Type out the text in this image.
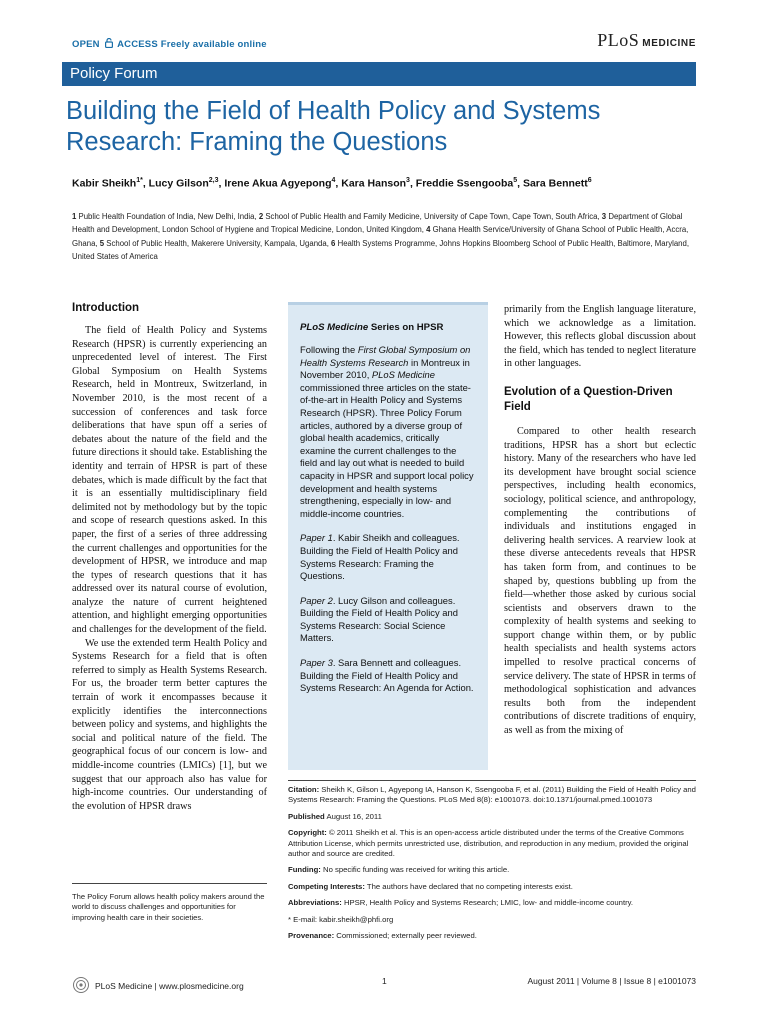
OPEN ACCESS Freely available online	PLoS MEDICINE
Policy Forum
Building the Field of Health Policy and Systems Research: Framing the Questions
Kabir Sheikh$^{1*}$, Lucy Gilson$^{2,3}$, Irene Akua Agyepong$^4$, Kara Hanson$^3$, Freddie Ssengooba$^5$, Sara Bennett$^6$
1 Public Health Foundation of India, New Delhi, India, 2 School of Public Health and Family Medicine, University of Cape Town, Cape Town, South Africa, 3 Department of Global Health and Development, London School of Hygiene and Tropical Medicine, London, United Kingdom, 4 Ghana Health Service/University of Ghana School of Public Health, Accra, Ghana, 5 School of Public Health, Makerere University, Kampala, Uganda, 6 Health Systems Programme, Johns Hopkins Bloomberg School of Public Health, Baltimore, Maryland, United States of America
Introduction

The field of Health Policy and Systems Research (HPSR) is currently experiencing an unprecedented level of interest. The First Global Symposium on Health Systems Research, held in Montreux, Switzerland, in November 2010, is the most recent of a succession of conferences and task force deliberations that have spun off a series of debates about the nature of the field and the future directions it should take. Establishing the identity and terrain of HPSR is part of these debates, which is made difficult by the fact that it is an essentially multidisciplinary field delimited not by methodology but by the topic and scope of research questions asked. In this paper, the first of a series of three addressing the current challenges and opportunities for the development of HPSR, we introduce and map the types of research questions that it has addressed over its natural course of evolution, analyze the nature of current heightened attention, and highlight emerging opportunities and challenges for the development of the field.

We use the extended term Health Policy and Systems Research for a field that is often referred to simply as Health Systems Research. For us, the broader term better captures the terrain of work it encompasses because it explicitly identifies the interconnections between policy and systems, and highlights the social and political nature of the field. The geographical focus of our concern is low- and middle-income countries (LMICs) [1], but we suggest that our approach also has value for high-income countries. Our understanding of the evolution of HPSR draws

The Policy Forum allows health policy makers around the world to discuss challenges and opportunities for improving health care in their societies.
PLoS Medicine Series on HPSR

Following the First Global Symposium on Health Systems Research in Montreux in November 2010, PLoS Medicine commissioned three articles on the state-of-the-art in Health Policy and Systems Research (HPSR). Three Policy Forum articles, authored by a diverse group of global health academics, critically examine the current challenges to the field and lay out what is needed to build capacity in HPSR and support local policy development and health systems strengthening, especially in low- and middle-income countries.

Paper 1. Kabir Sheikh and colleagues. Building the Field of Health Policy and Systems Research: Framing the Questions.

Paper 2. Lucy Gilson and colleagues. Building the Field of Health Policy and Systems Research: Social Science Matters.

Paper 3. Sara Bennett and colleagues. Building the Field of Health Policy and Systems Research: An Agenda for Action.

primarily from the English language literature, which we acknowledge as a limitation. However, this reflects global discussion about the field, which has tended to neglect literature in other languages.

Evolution of a Question-Driven Field

Compared to other health research traditions, HPSR has a short but eclectic history. Many of the researchers who have led its development have brought social science perspectives, including health economics, sociology, political science, and anthropology, complementing the contributions of individuals and institutions engaged in delivering health services. A rearview look at these diverse antecedents reveals that HPSR has taken form from, and continues to be shaped by, questions bubbling up from the field—whether those asked by curious social scientists and observers drawn to the complexity of health systems and seeking to support change within them, or by public health specialists and health systems actors impelled to resolve practical concerns of service delivery. The state of HPSR in terms of methodological sophistication and advances results both from the independent contributions of discrete traditions of enquiry, as well as from the mixing of

Citation: Sheikh K, Gilson L, Agyepong IA, Hanson K, Ssengooba F, et al. (2011) Building the Field of Health Policy and Systems Research: Framing the Questions. PLoS Med 8(8): e1001073. doi:10.1371/journal.pmed.1001073

Published August 16, 2011

Copyright: © 2011 Sheikh et al. This is an open-access article distributed under the terms of the Creative Commons Attribution License, which permits unrestricted use, distribution, and reproduction in any medium, provided the original author and source are credited.

Funding: No specific funding was received for writing this article.

Competing Interests: The authors have declared that no competing interests exist.

Abbreviations: HPSR, Health Policy and Systems Research; LMIC, low- and middle-income country.

* E-mail: kabir.sheikh@phfi.org

Provenance: Commissioned; externally peer reviewed.

PLoS Medicine | www.plosmedicine.org	1	August 2011 | Volume 8 | Issue 8 | e1001073
